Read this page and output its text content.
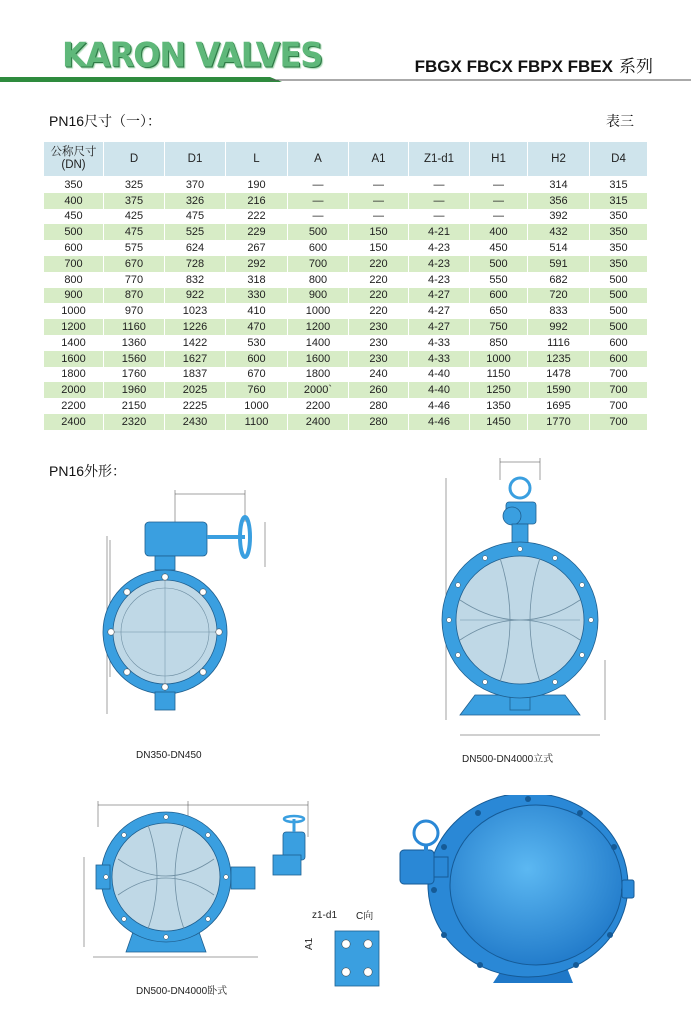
KARON VALVES	FBGX FBCX FBPX FBEX 系列
PN16尺寸（一）：	表三
公称尺寸
(DN)	D	D1	L	A	A1	Z1-d1	H1	H2	D4
350	325	370	190	—	—	—	—	314	315
400	375	326	216	—	—	—	—	356	315
450	425	475	222	—	—	—	—	392	350
500	475	525	229	500	150	4-21	400	432	350
600	575	624	267	600	150	4-23	450	514	350
700	670	728	292	700	220	4-23	500	591	350
800	770	832	318	800	220	4-23	550	682	500
900	870	922	330	900	220	4-27	600	720	500
1000	970	1023	410	1000	220	4-27	650	833	500
1200	1160	1226	470	1200	230	4-27	750	992	500
1400	1360	1422	530	1400	230	4-33	850	1116	600
1600	1560	1627	600	1600	230	4-33	1000	1235	600
1800	1760	1837	670	1800	240	4-40	1150	1478	700
2000	1960	2025	760	2000`	260	4-40	1250	1590	700
2200	2150	2225	1000	2200	280	4-46	1350	1695	700
2400	2320	2430	1100	2400	280	4-46	1450	1770	700
PN16外形：
DN350-DN450	DN500-DN4000立式
DN500-DN4000卧式
z1-d1 C向
A1
